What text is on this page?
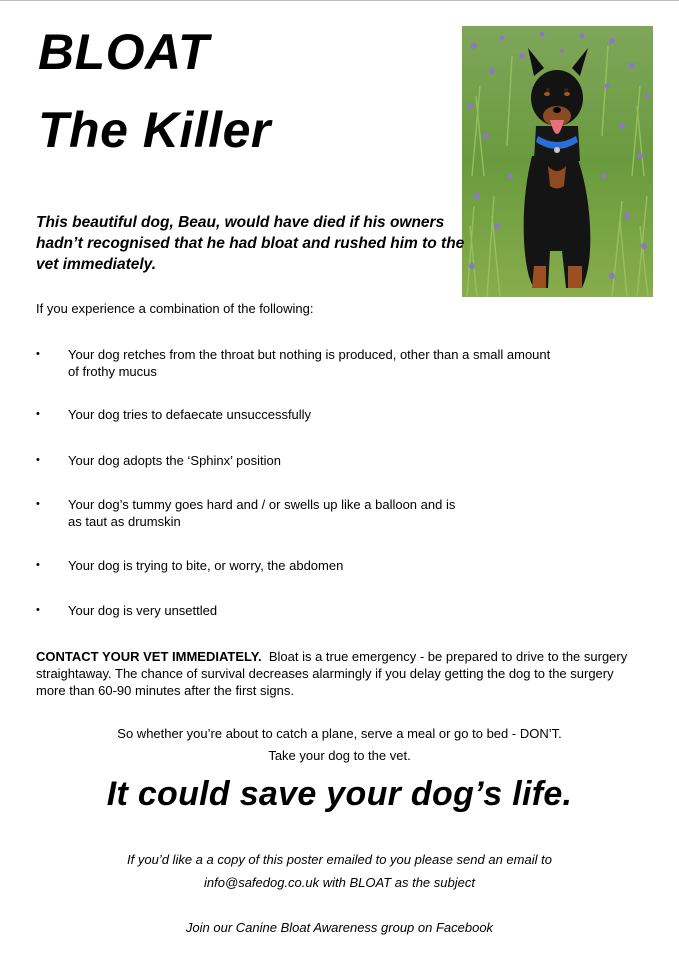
BLOAT
The Killer

This beautiful dog, Beau, would have died if his owners hadn’t recognised that he had bloat and rushed him to the vet immediately.

If you experience a combination of the following:

• Your dog retches from the throat but nothing is produced, other than a small amount
of frothy mucus
• Your dog tries to defaecate unsuccessfully
• Your dog adopts the ‘Sphinx’ position
• Your dog’s tummy goes hard and / or swells up like a balloon and is
as taut as drumskin
• Your dog is trying to bite, or worry, the abdomen
• Your dog is very unsettled

CONTACT YOUR VET IMMEDIATELY. Bloat is a true emergency - be prepared to drive to the surgery straightaway. The chance of survival decreases alarmingly if you delay getting the dog to the surgery more than 60-90 minutes after the first signs.

So whether you’re about to catch a plane, serve a meal or go to bed - DON’T.

Take your dog to the vet.

It could save your dog’s life.

If you’d like a a copy of this poster emailed to you please send an email to

info@safedog.co.uk with BLOAT as the subject

Join our Canine Bloat Awareness group on Facebook
